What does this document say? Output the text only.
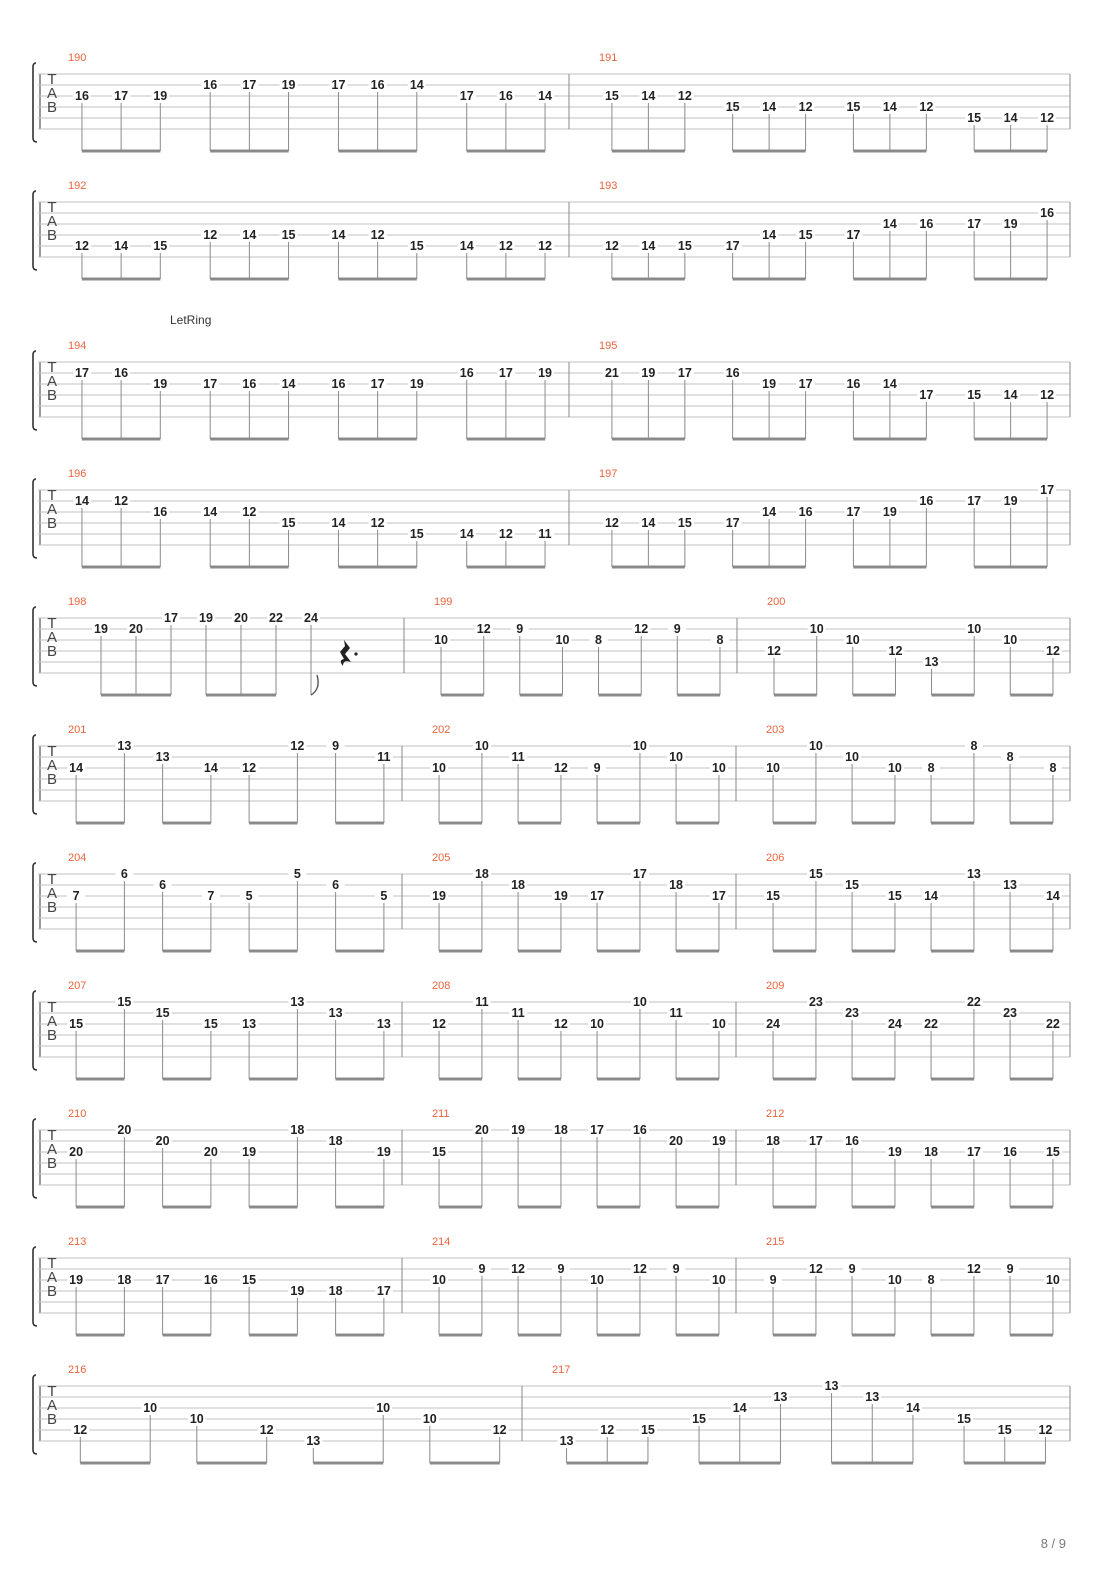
T
A
B
190
16 17 19
16 17 19	17 16 14
17 16 14
191
15 14 12
15 14 12	15 14 12
15 14 12
T
A
B
192
12 14 15
12 14 15	14 12
15	14 12 12
193
12 14 15	17
14 15	17
14 16	17 19
16
T
A
B
194
17 16
19	17 16 14	16 17 19
16 17 19
195
21 19 17	16
19 17	16 14
17	15 14 12
T
A
B
196
14 12
16	14 12
15	14 12
15	14 12 11
197
12 14 15	17
14 16	17 19
16	17 19
17
T
A
B
198
19 20
17 19 20 22 24
199
10
12 9
10 8
12 9
8
200
12
10
10
12
13
10
10
12
T
A
B
201
14
13
13
14 12
12 9
11
202
10
10
11
12 9
10
10
10
203
10
10
10
10 8
8
8
8
T
A
B
204
7
6
6
7	5
5
6
5
205
19
18
18
19 17
17
18
17
206
15
15
15
15 14
13
13
14
T
A
B
207
15
15
15
15 13
13
13
13
208
12
11
11
12 10
10
11
10
209
24
23
23
24 22
22
23
22
T
A
B
210
20
20
20
20 19
18
18
19
211
15
20 19 18 17 16
20 19
212
18 17 16
19 18 17 16 15
T
A
B
213
19	18 17	16 15
19 18	17
214
10
9 12	9
10
12 9
10
215
9
12 9
10 8
12 9
10
T
A
B
216
12
10
10
12
13
10
10
12
217
13
12 15
15
14
13
13
13
14
15
15 12
LetRing
8 / 9
